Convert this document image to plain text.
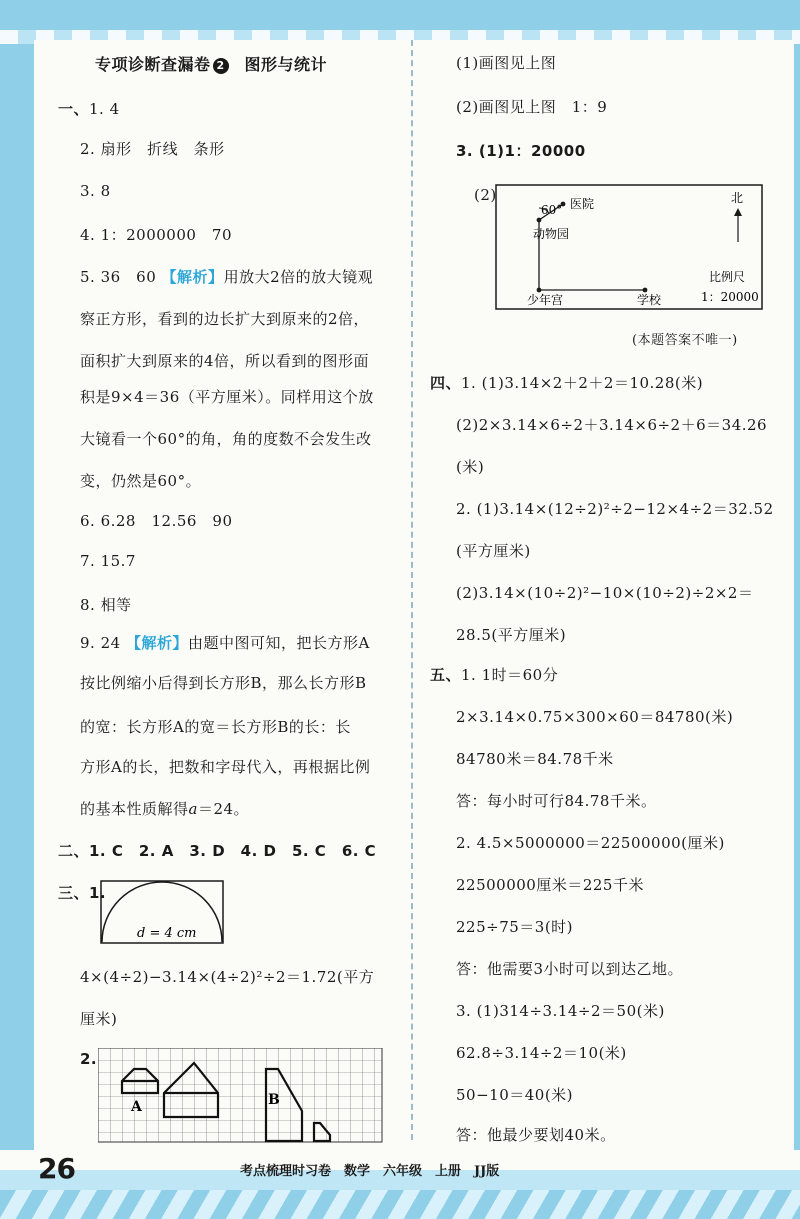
专项诊断查漏卷 2 图形与统计
一、1. 4
2. 扇形　折线　条形
3. 8
4. 1：2000000　70
5. 36　60 【解析】用放大2倍的放大镜观
察正方形，看到的边长扩大到原来的2倍，
面积扩大到原来的4倍，所以看到的图形面
积是9×4＝36（平方厘米）。同样用这个放
大镜看一个60°的角，角的度数不会发生改
变，仍然是60°。
6. 6.28　12.56　90
7. 15.7
8. 相等
9. 24 【解析】由题中图可知，把长方形A
按比例缩小后得到长方形B，那么长方形B
的宽：长方形A的宽＝长方形B的长：长
方形A的长，把数和字母代入，再根据比例
的基本性质解得a＝24。
二、1. C　2. A　3. D　4. D　5. C　6. C
三、1.
d = 4 cm
4×(4÷2)−3.14×(4÷2)²÷2＝1.72(平方
厘米)
2.
A	B
(1)画图见上图
(2)画图见上图　1：9
3. (1)1：20000
(2)
60° 医院
动物园
北
少年宫	学校
比例尺
1：20000
(本题答案不唯一)
四、1. (1)3.14×2＋2＋2＝10.28(米)
(2)2×3.14×6÷2＋3.14×6÷2＋6＝34.26
(米)
2. (1)3.14×(12÷2)²÷2−12×4÷2＝32.52
(平方厘米)
(2)3.14×(10÷2)²−10×(10÷2)÷2×2＝
28.5(平方厘米)
五、1. 1时＝60分
2×3.14×0.75×300×60＝84780(米)
84780米＝84.78千米
答：每小时可行84.78千米。
2. 4.5×5000000＝22500000(厘米)
22500000厘米＝225千米
225÷75＝3(时)
答：他需要3小时可以到达乙地。
3. (1)314÷3.14÷2＝50(米)
62.8÷3.14÷2＝10(米)
50−10＝40(米)
答：他最少要划40米。
26	考点梳理时习卷　数学　六年级　上册　JJ版
